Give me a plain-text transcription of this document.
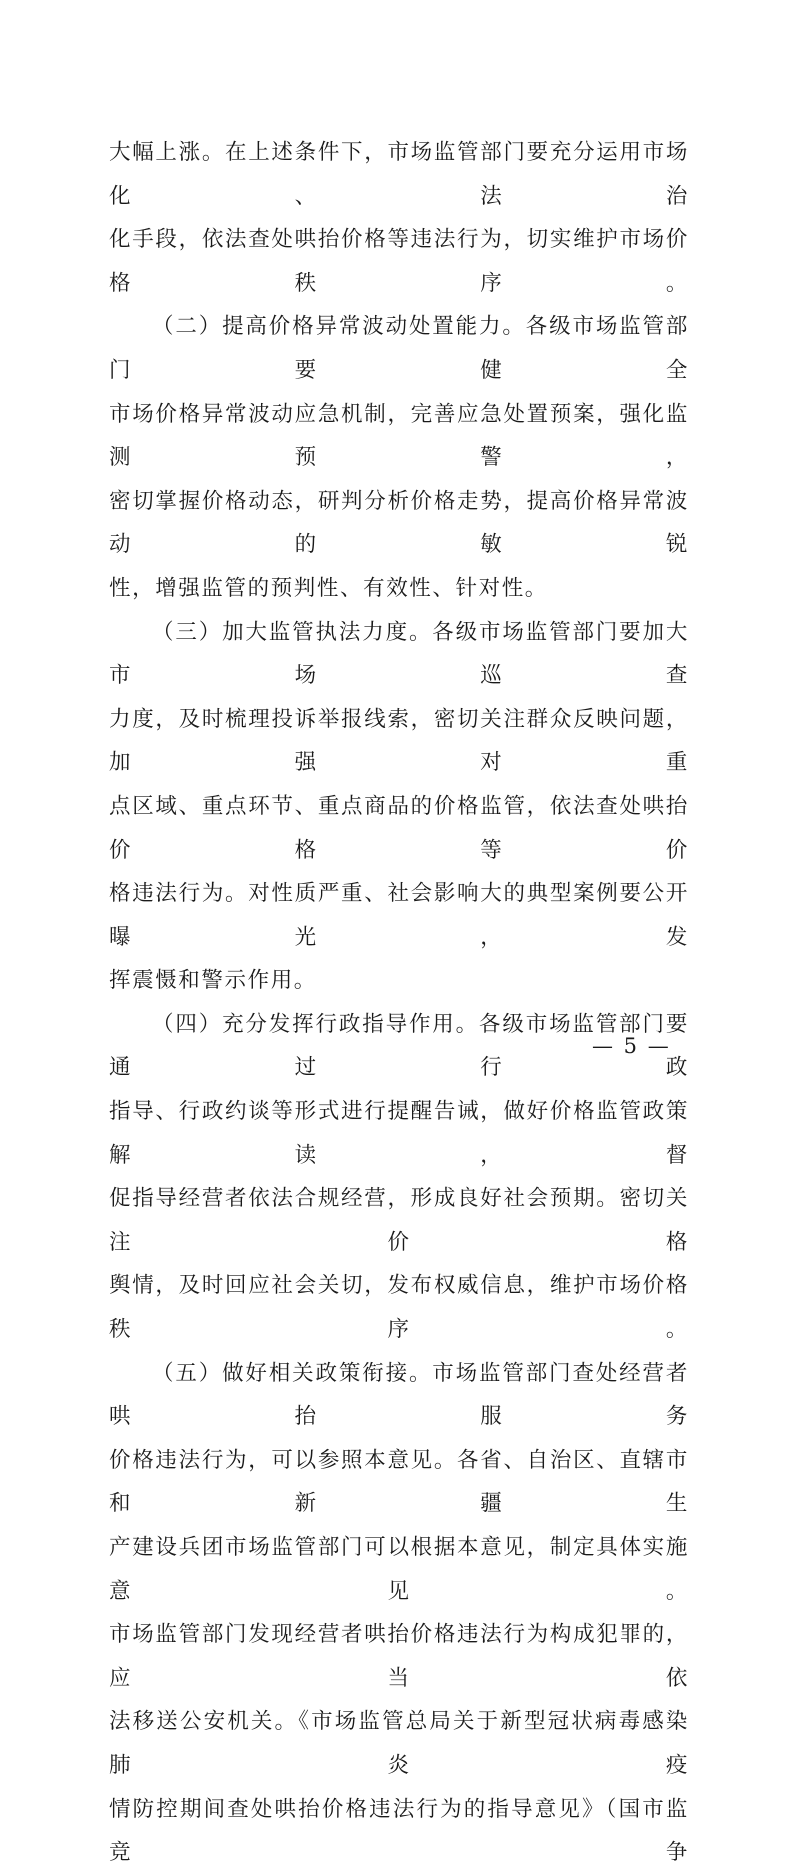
大幅上涨。在上述条件下，市场监管部门要充分运用市场化、法治
化手段，依法查处哄抬价格等违法行为，切实维护市场价格秩序。
（二）提高价格异常波动处置能力。各级市场监管部门要健全
市场价格异常波动应急机制，完善应急处置预案，强化监测预警，
密切掌握价格动态，研判分析价格走势，提高价格异常波动的敏锐
性，增强监管的预判性、有效性、针对性。
（三）加大监管执法力度。各级市场监管部门要加大市场巡查
力度，及时梳理投诉举报线索，密切关注群众反映问题，加强对重
点区域、重点环节、重点商品的价格监管，依法查处哄抬价格等价
格违法行为。对性质严重、社会影响大的典型案例要公开曝光，发
挥震慑和警示作用。
（四）充分发挥行政指导作用。各级市场监管部门要通过行政
指导、行政约谈等形式进行提醒告诫，做好价格监管政策解读，督
促指导经营者依法合规经营，形成良好社会预期。密切关注价格
舆情，及时回应社会关切，发布权威信息，维护市场价格秩序。
（五）做好相关政策衔接。市场监管部门查处经营者哄抬服务
价格违法行为，可以参照本意见。各省、自治区、直辖市和新疆生
产建设兵团市场监管部门可以根据本意见，制定具体实施意见。
市场监管部门发现经营者哄抬价格违法行为构成犯罪的，应当依
法移送公安机关。《市场监管总局关于新型冠状病毒感染肺炎疫
情防控期间查处哄抬价格违法行为的指导意见》（国市监竞争
— 5 —
